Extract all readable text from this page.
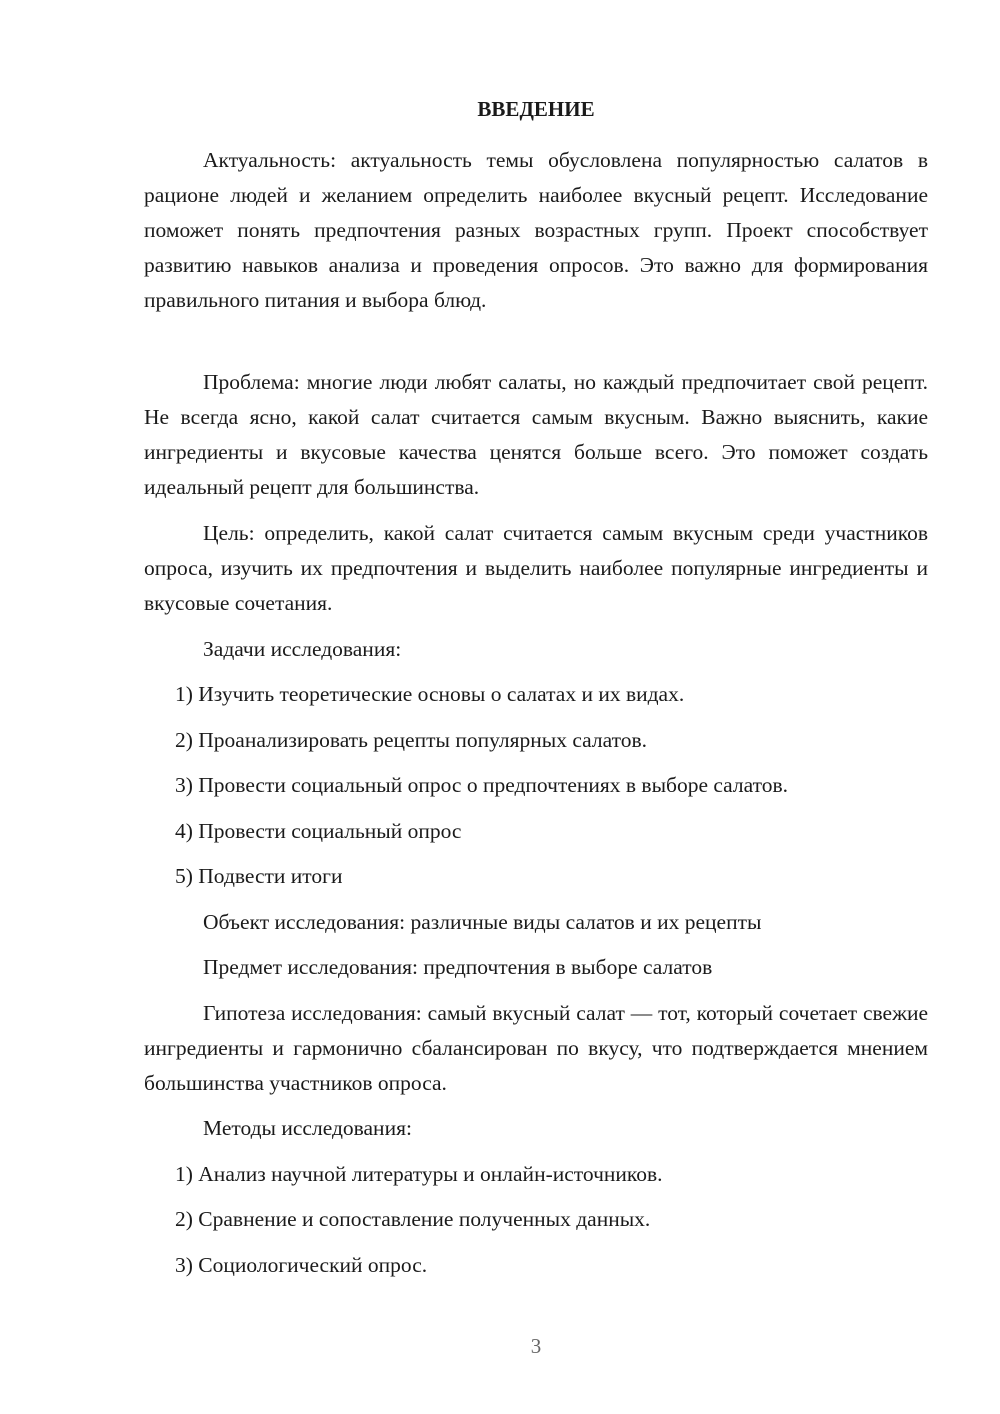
ВВЕДЕНИЕ

Актуальность: актуальность темы обусловлена популярностью салатов в рационе людей и желанием определить наиболее вкусный рецепт. Исследование поможет понять предпочтения разных возрастных групп. Проект способствует развитию навыков анализа и проведения опросов. Это важно для формирования правильного питания и выбора блюд.

Проблема: многие люди любят салаты, но каждый предпочитает свой рецепт. Не всегда ясно, какой салат считается самым вкусным. Важно выяснить, какие ингредиенты и вкусовые качества ценятся больше всего. Это поможет создать идеальный рецепт для большинства.

Цель: определить, какой салат считается самым вкусным среди участников опроса, изучить их предпочтения и выделить наиболее популярные ингредиенты и вкусовые сочетания.

Задачи исследования:

1) Изучить теоретические основы о салатах и их видах.

2) Проанализировать рецепты популярных салатов.

3) Провести социальный опрос о предпочтениях в выборе салатов.

4) Провести социальный опрос

5) Подвести итоги

Объект исследования: различные виды салатов и их рецепты

Предмет исследования: предпочтения в выборе салатов

Гипотеза исследования: самый вкусный салат — тот, который сочетает свежие ингредиенты и гармонично сбалансирован по вкусу, что подтверждается мнением большинства участников опроса.

Методы исследования:

1) Анализ научной литературы и онлайн-источников.

2) Сравнение и сопоставление полученных данных.

3) Социологический опрос.

3
